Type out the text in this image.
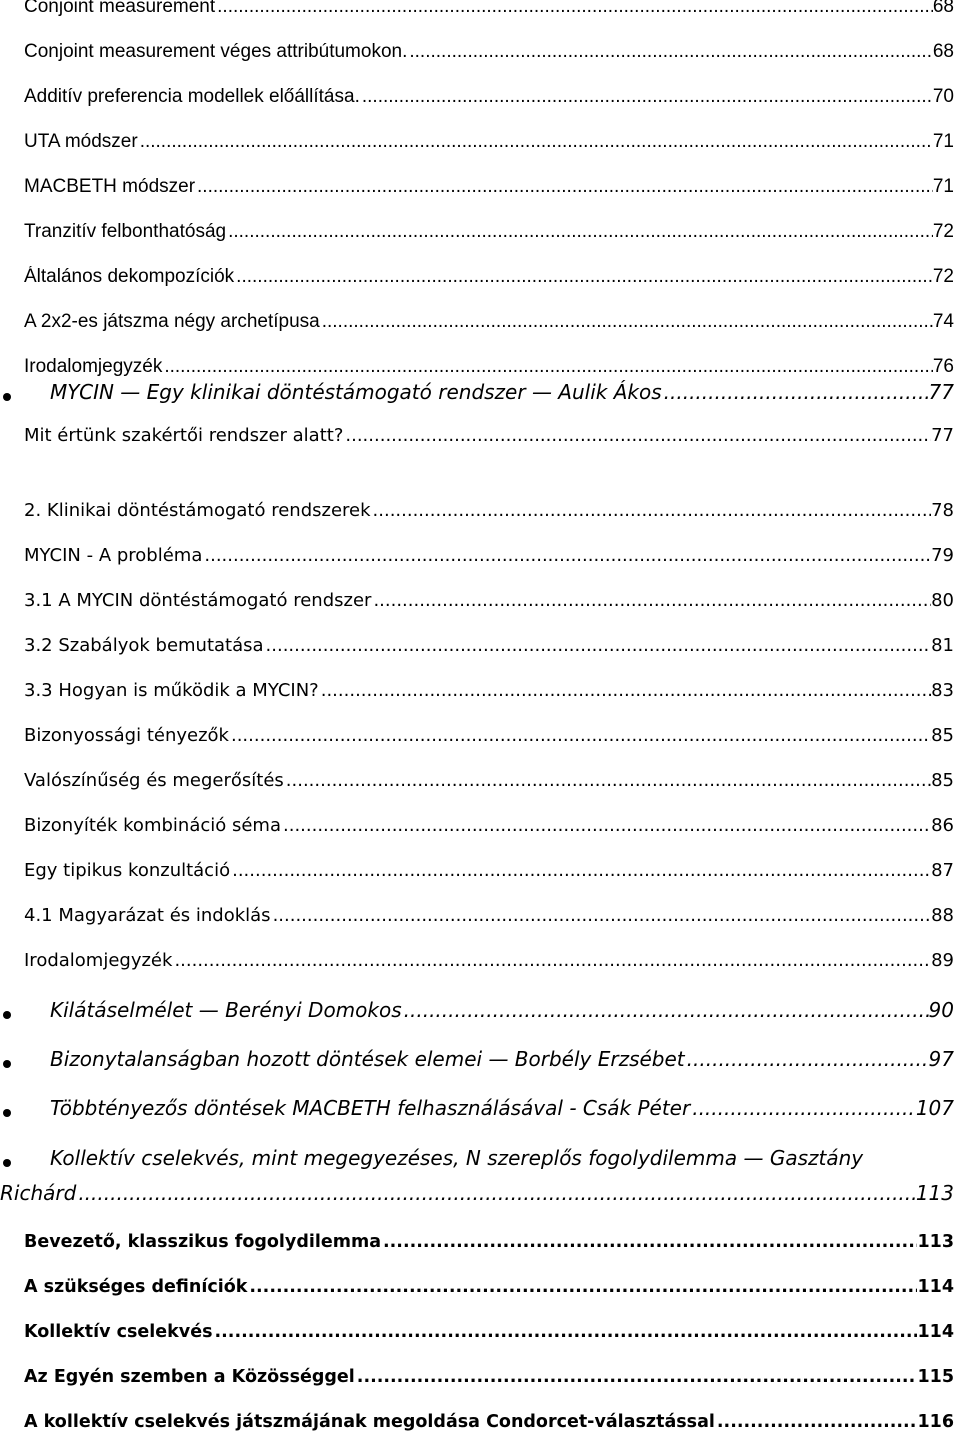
Conjoint measurement .....	68
Conjoint measurement véges attribútumokon. .....	68
Additív preferencia modellek előállítása. .....	70
UTA módszer .....	71
MACBETH módszer .....	71
Tranzitív felbonthatóság .....	72
Általános dekompozíciók .....	72
A 2x2-es játszma négy archetípusa .....	74
Irodalomjegyzék .....	76
MYCIN — Egy klinikai döntéstámogató rendszer — Aulik Ákos .....	77
Mit értünk szakértői rendszer alatt? .....	77
2. Klinikai döntéstámogató rendszerek .....	78
MYCIN - A probléma .....	79
3.1 A MYCIN döntéstámogató rendszer .....	80
3.2 Szabályok bemutatása .....	81
3.3 Hogyan is működik a MYCIN? .....	83
Bizonyossági tényezők .....	85
Valószínűség és megerősítés .....	85
Bizonyíték kombináció séma .....	86
Egy tipikus konzultáció .....	87
4.1 Magyarázat és indoklás .....	88
Irodalomjegyzék .....	89
Kilátáselmélet — Berényi Domokos .....	90
Bizonytalanságban hozott döntések elemei — Borbély Erzsébet .....	97
Többtényezős döntések MACBETH felhasználásával - Csák Péter .....	107
Kollektív cselekvés, mint megegyezéses, N szereplős fogolydilemma — Gasztány
Richárd .....	113
Bevezető, klasszikus fogolydilemma .....	113
A szükséges definíciók .....	114
Kollektív cselekvés .....	114
Az Egyén szemben a Közösséggel .....	115
A kollektív cselekvés játszmájának megoldása Condorcet-választással .....	116
